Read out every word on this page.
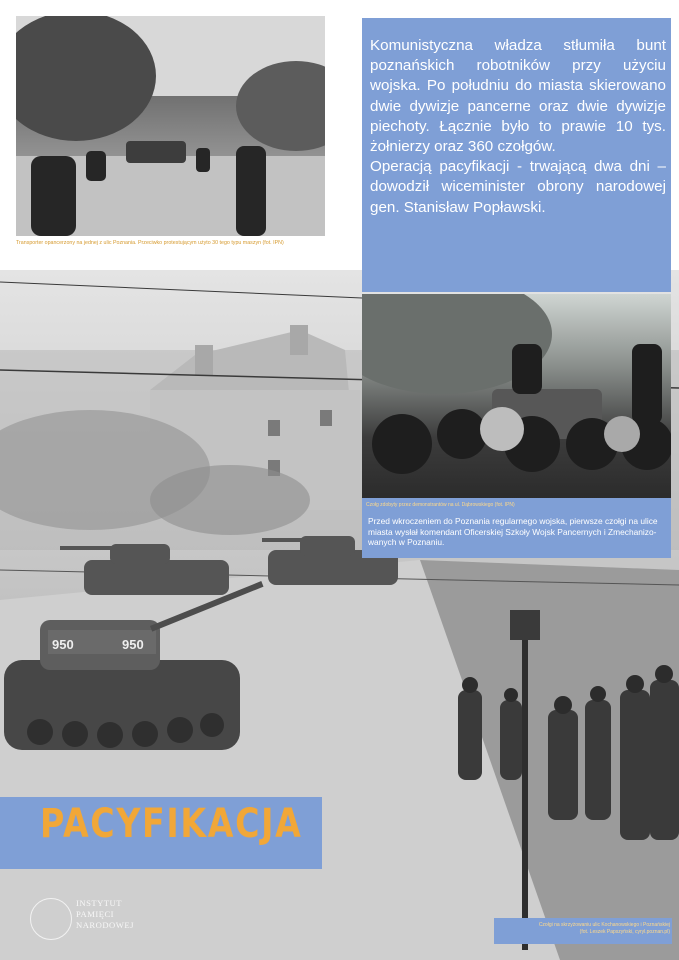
950	950
Transporter opancerzony na jednej z ulic Poznania. Przeciwko protestującym użyto 30 tego typu maszyn (fot. IPN)

Komunistyczna władza stłumiła bunt poznańskich robotników przy użyciu wojska. Po południu do miasta skierowano dwie dywizje pancerne oraz dwie dywizje piechoty. Łącznie było to prawie 10 tys. żołnierzy oraz 360 czołgów.

Operacją pacyfikacji - trwającą dwa dni – dowodził wiceminister obrony narodowej gen. Stanisław Popławski.

Czołg zdobyty przez demonstrantów na ul. Dąbrowskiego (fot. IPN)
Przed wkroczeniem do Poznania regularnego wojska, pierwsze czołgi na ulice miasta wysłał komendant Oficerskiej Szkoły Wojsk Pancernych i Zmechanizowanych w Poznaniu.
PACYFIKACJA
INSTYTUT
PAMIĘCI
NARODOWEJ	Czołgi na skrzyżowaniu ulic Kochanowskiego i Poznańskiej
(fot. Leszek Papszyński, cyryl.poznan.pl)
